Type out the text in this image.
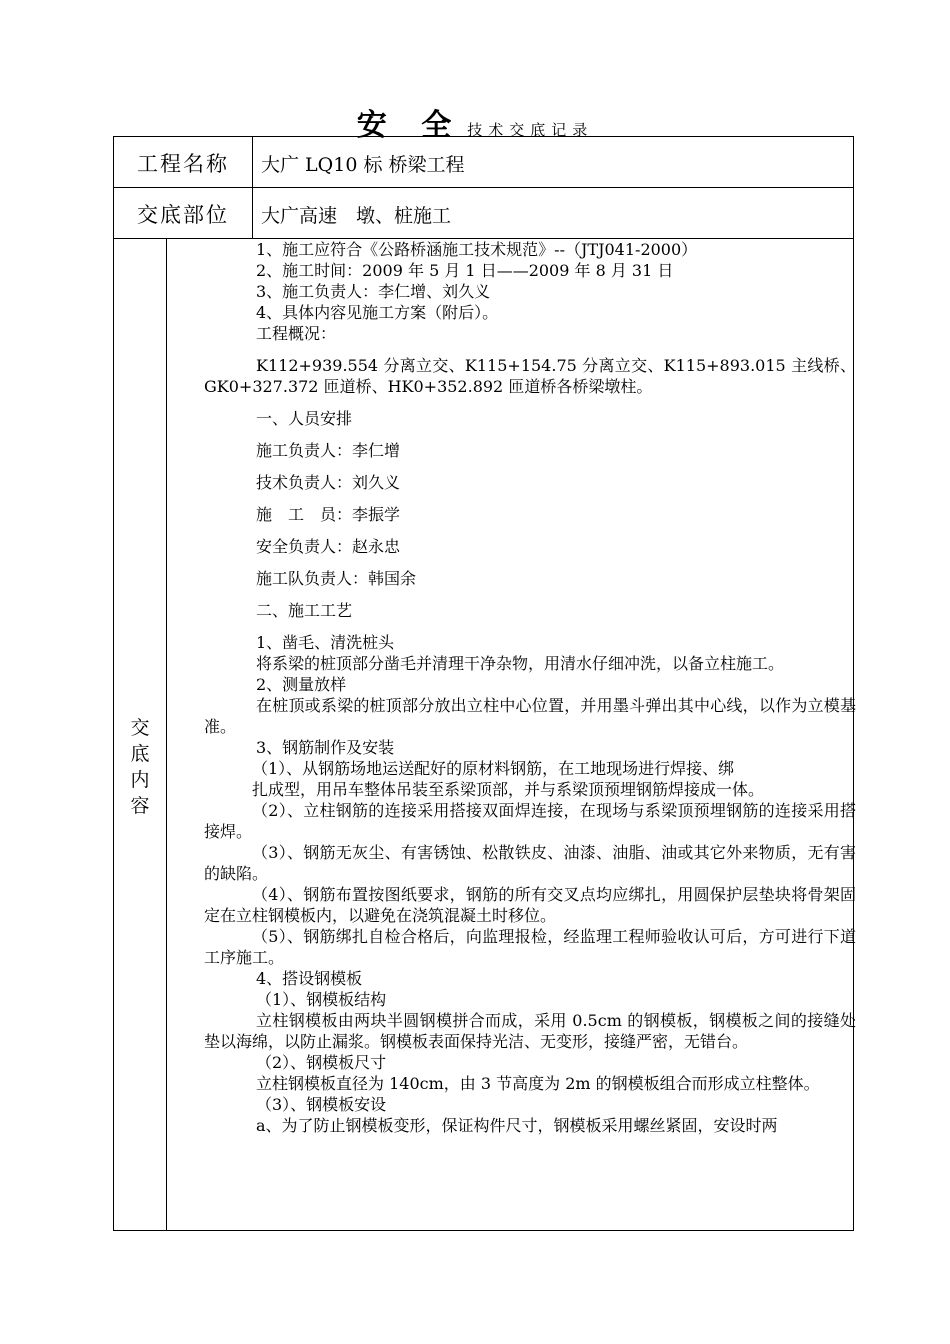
安 全 技术交底记录
工程名称	大广 LQ10 标 桥梁工程
交底部位	大广高速　墩、桩施工
交底内容

1、施工应符合《公路桥涵施工技术规范》--（JTJ041-2000）

2、施工时间：2009 年 5 月 1 日——2009 年 8 月 31 日

3、施工负责人：李仁增、刘久义

4、具体内容见施工方案（附后）。

工程概况：

K112+939.554 分离立交、K115+154.75 分离立交、K115+893.015 主线桥、GK0+327.372 匝道桥、HK0+352.892 匝道桥各桥梁墩柱。

一、人员安排

施工负责人：李仁增

技术负责人：刘久义

施　工　员：李振学

安全负责人：赵永忠

施工队负责人：韩国余

二、施工工艺

1、凿毛、清洗桩头

将系梁的桩顶部分凿毛并清理干净杂物，用清水仔细冲洗，以备立柱施工。

2、测量放样

在桩顶或系梁的桩顶部分放出立柱中心位置，并用墨斗弹出其中心线，以作为立模基准。

3、钢筋制作及安装

（1）、从钢筋场地运送配好的原材料钢筋，在工地现场进行焊接、绑

扎成型，用吊车整体吊装至系梁顶部，并与系梁顶预埋钢筋焊接成一体。

（2）、立柱钢筋的连接采用搭接双面焊连接，在现场与系梁顶预埋钢筋的连接采用搭接焊。

（3）、钢筋无灰尘、有害锈蚀、松散铁皮、油漆、油脂、油或其它外来物质，无有害的缺陷。

（4）、钢筋布置按图纸要求，钢筋的所有交叉点均应绑扎，用圆保护层垫块将骨架固定在立柱钢模板内，以避免在浇筑混凝土时移位。

（5）、钢筋绑扎自检合格后，向监理报检，经监理工程师验收认可后，方可进行下道工序施工。

4、搭设钢模板

（1）、钢模板结构

立柱钢模板由两块半圆钢模拼合而成，采用 0.5cm 的钢模板，钢模板之间的接缝处垫以海绵，以防止漏浆。钢模板表面保持光洁、无变形，接缝严密，无错台。

（2）、钢模板尺寸

立柱钢模板直径为 140cm，由 3 节高度为 2m 的钢模板组合而形成立柱整体。

（3）、钢模板安设

a、为了防止钢模板变形，保证构件尺寸，钢模板采用螺丝紧固，安设时两
